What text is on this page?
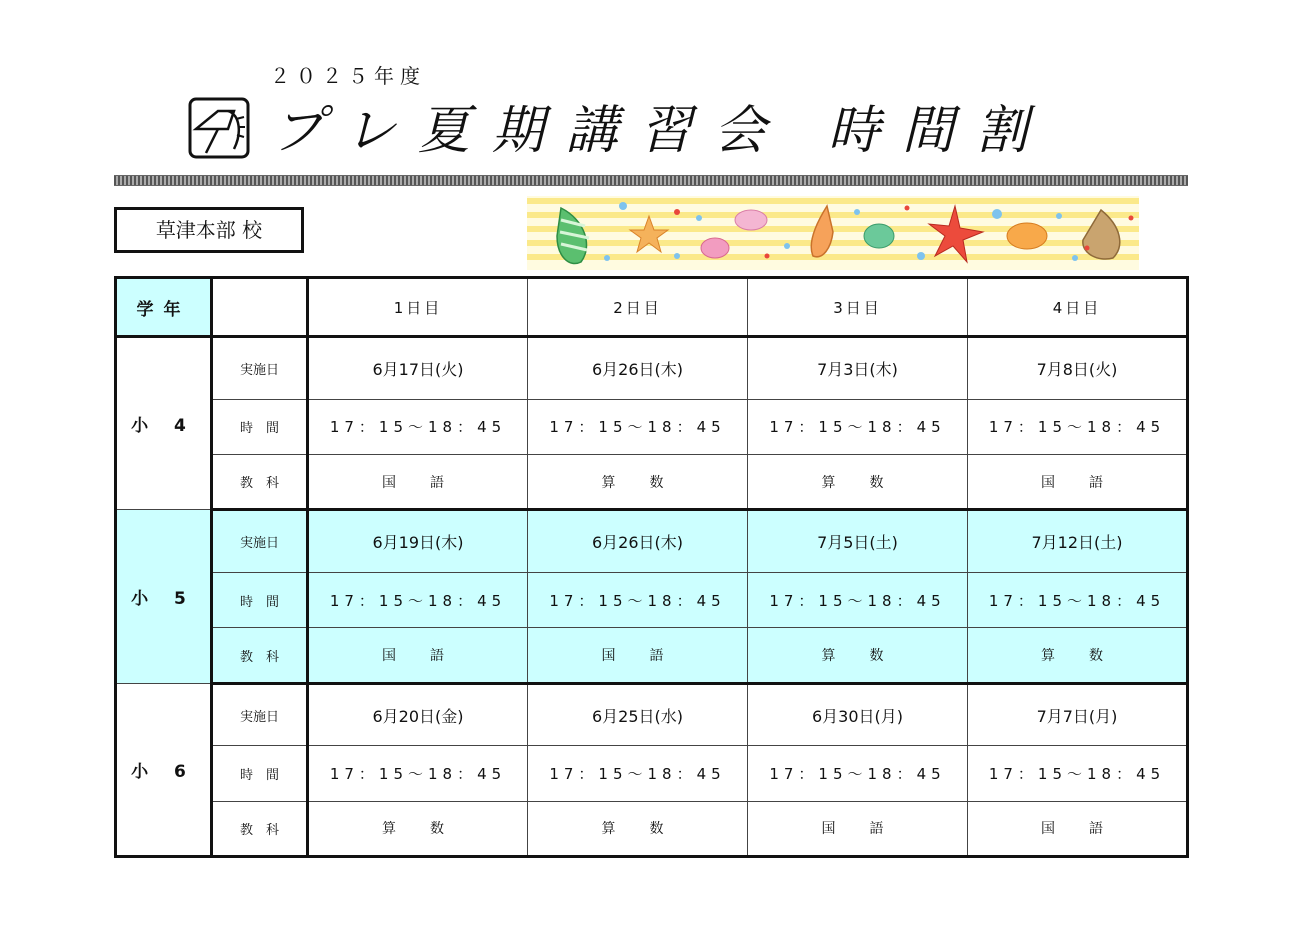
２０２５年度
プレ夏期講習会 時間割
草津本部 校
学年		1日目	2日目	3日目	4日目
小 4	実施日	6月17日(火)	6月26日(木)	7月3日(木)	7月8日(火)
	時　間	17：15～18：45	17：15～18：45	17：15～18：45	17：15～18：45
	教　科	国　語	算　数	算　数	国　語
小 5	実施日	6月19日(木)	6月26日(木)	7月5日(土)	7月12日(土)
	時　間	17：15～18：45	17：15～18：45	17：15～18：45	17：15～18：45
	教　科	国　語	国　語	算　数	算　数
小 6	実施日	6月20日(金)	6月25日(水)	6月30日(月)	7月7日(月)
	時　間	17：15～18：45	17：15～18：45	17：15～18：45	17：15～18：45
	教　科	算　数	算　数	国　語	国　語
